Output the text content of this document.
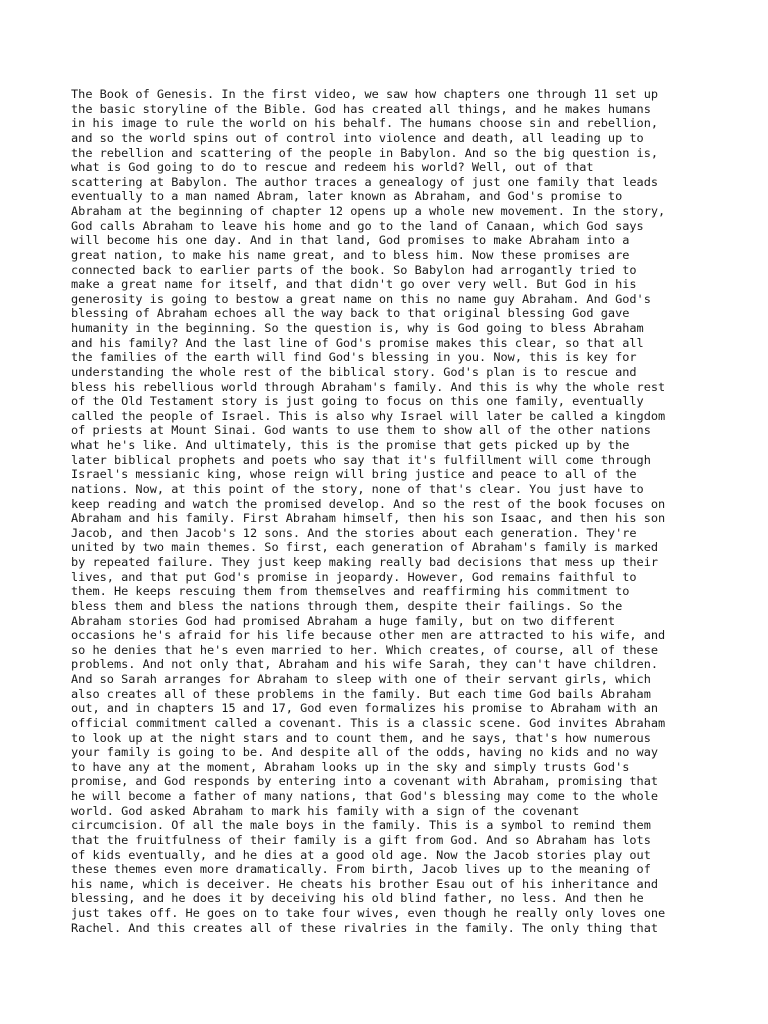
The Book of Genesis. In the first video, we saw how chapters one through 11 set up
the basic storyline of the Bible. God has created all things, and he makes humans
in his image to rule the world on his behalf. The humans choose sin and rebellion,
and so the world spins out of control into violence and death, all leading up to
the rebellion and scattering of the people in Babylon. And so the big question is,
what is God going to do to rescue and redeem his world? Well, out of that
scattering at Babylon. The author traces a genealogy of just one family that leads
eventually to a man named Abram, later known as Abraham, and God's promise to
Abraham at the beginning of chapter 12 opens up a whole new movement. In the story,
God calls Abraham to leave his home and go to the land of Canaan, which God says
will become his one day. And in that land, God promises to make Abraham into a
great nation, to make his name great, and to bless him. Now these promises are
connected back to earlier parts of the book. So Babylon had arrogantly tried to
make a great name for itself, and that didn't go over very well. But God in his
generosity is going to bestow a great name on this no name guy Abraham. And God's
blessing of Abraham echoes all the way back to that original blessing God gave
humanity in the beginning. So the question is, why is God going to bless Abraham
and his family? And the last line of God's promise makes this clear, so that all
the families of the earth will find God's blessing in you. Now, this is key for
understanding the whole rest of the biblical story. God's plan is to rescue and
bless his rebellious world through Abraham's family. And this is why the whole rest
of the Old Testament story is just going to focus on this one family, eventually
called the people of Israel. This is also why Israel will later be called a kingdom
of priests at Mount Sinai. God wants to use them to show all of the other nations
what he's like. And ultimately, this is the promise that gets picked up by the
later biblical prophets and poets who say that it's fulfillment will come through
Israel's messianic king, whose reign will bring justice and peace to all of the
nations. Now, at this point of the story, none of that's clear. You just have to
keep reading and watch the promised develop. And so the rest of the book focuses on
Abraham and his family. First Abraham himself, then his son Isaac, and then his son
Jacob, and then Jacob's 12 sons. And the stories about each generation. They're
united by two main themes. So first, each generation of Abraham's family is marked
by repeated failure. They just keep making really bad decisions that mess up their
lives, and that put God's promise in jeopardy. However, God remains faithful to
them. He keeps rescuing them from themselves and reaffirming his commitment to
bless them and bless the nations through them, despite their failings. So the
Abraham stories God had promised Abraham a huge family, but on two different
occasions he's afraid for his life because other men are attracted to his wife, and
so he denies that he's even married to her. Which creates, of course, all of these
problems. And not only that, Abraham and his wife Sarah, they can't have children.
And so Sarah arranges for Abraham to sleep with one of their servant girls, which
also creates all of these problems in the family. But each time God bails Abraham
out, and in chapters 15 and 17, God even formalizes his promise to Abraham with an
official commitment called a covenant. This is a classic scene. God invites Abraham
to look up at the night stars and to count them, and he says, that's how numerous
your family is going to be. And despite all of the odds, having no kids and no way
to have any at the moment, Abraham looks up in the sky and simply trusts God's
promise, and God responds by entering into a covenant with Abraham, promising that
he will become a father of many nations, that God's blessing may come to the whole
world. God asked Abraham to mark his family with a sign of the covenant
circumcision. Of all the male boys in the family. This is a symbol to remind them
that the fruitfulness of their family is a gift from God. And so Abraham has lots
of kids eventually, and he dies at a good old age. Now the Jacob stories play out
these themes even more dramatically. From birth, Jacob lives up to the meaning of
his name, which is deceiver. He cheats his brother Esau out of his inheritance and
blessing, and he does it by deceiving his old blind father, no less. And then he
just takes off. He goes on to take four wives, even though he really only loves one
Rachel. And this creates all of these rivalries in the family. The only thing that
